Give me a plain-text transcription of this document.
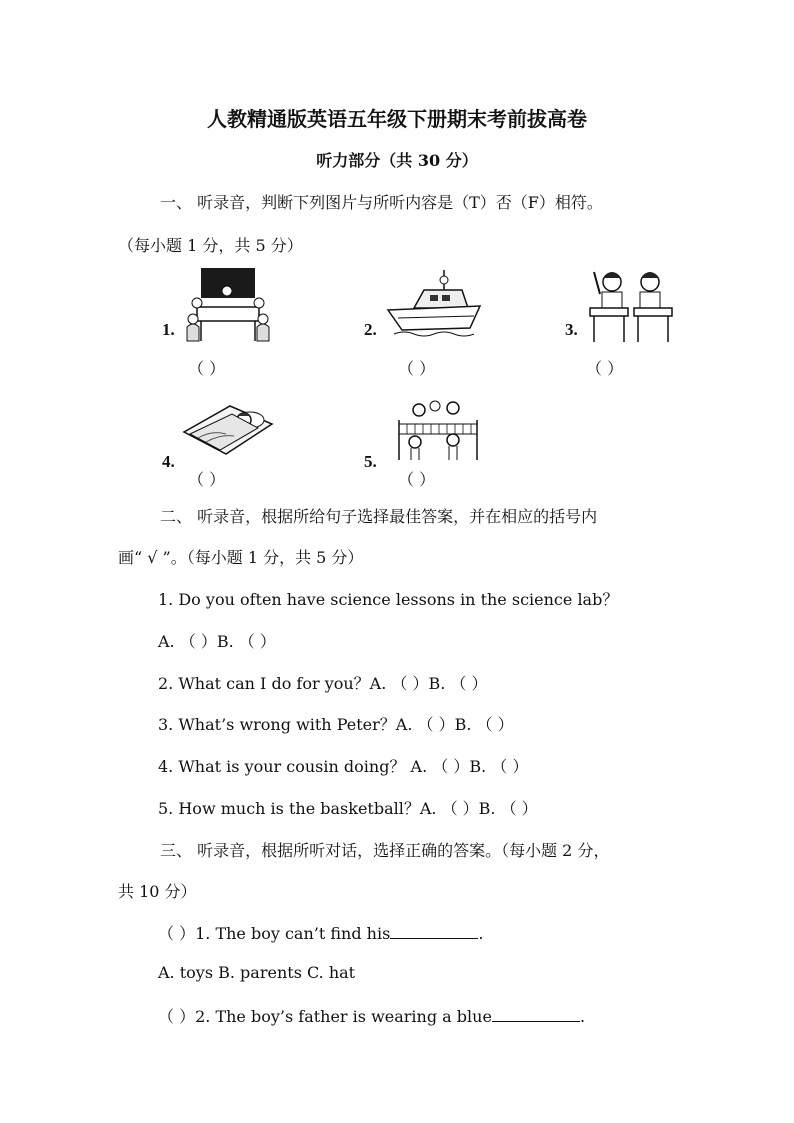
人教精通版英语五年级下册期末考前拔高卷
听力部分（共 30 分）
一、 听录音，判断下列图片与所听内容是（T）否（F）相符。
（每小题 1 分，共 5 分）
1.
（ ）
2.
（ ）
3.
（ ）
4.
（ ）
5.
（ ）
二、 听录音，根据所给句子选择最佳答案，并在相应的括号内
画“ √ ”。（每小题 1 分，共 5 分）
1. Do you often have science lessons in the science lab？
A. （ ）B. （ ）
2. What can I do for you？A. （ ）B. （ ）
3. What’s wrong with Peter？A. （ ）B. （ ）
4. What is your cousin doing？ A. （ ）B. （ ）
5. How much is the basketball？A. （ ）B. （ ）
三、 听录音，根据所听对话，选择正确的答案。（每小题 2 分，
共 10 分）
（ ）1. The boy can’t find his	.
A. toys B. parents C. hat
（ ）2. The boy’s father is wearing a blue	.
